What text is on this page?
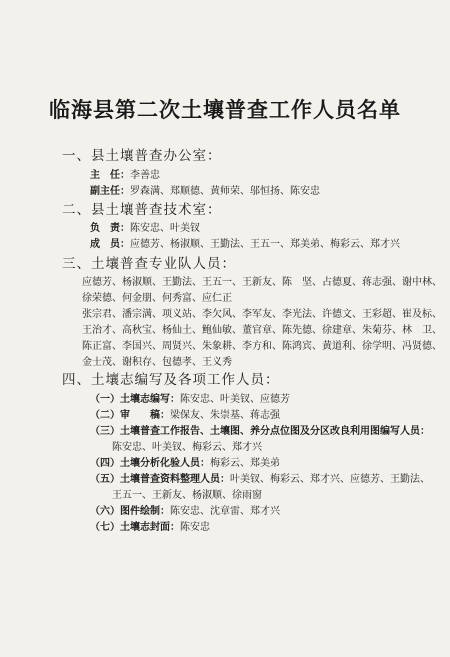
临海县第二次土壤普查工作人员名单
一、县土壤普查办公室：
主　任：李善忠
副主任：罗森满、郑顺德、黄师荣、邬恒扬、陈安忠
二、县土壤普查技术室：
负　责：陈安忠、叶美钗
成　员：应德芳、杨淑顺、王勤法、王五一、郑美弟、梅彩云、郑才兴
三、土壤普查专业队人员：
应德芳、杨淑顺、王勤法、王五一、王新友、陈　坚、占德夏、蒋志强、谢中林、
徐荣德、何金朋、何秀富、应仁正
张宗君、潘宗满、项义站、李欠风、李军友、李光法、许德文、王彩超、崔及标、
王治才、高秋宝、杨仙土、鲍仙敏、董官章、陈先德、徐建章、朱菊芬、林　卫、
陈正富、李国兴、周贤兴、朱象耕、李方和、陈鸿宾、黄道利、徐学明、冯贤德、
金士茂、谢积存、包德孝、王义秀
四、土壤志编写及各项工作人员：
（一）土壤志编写：陈安忠、叶美钗、应德芳
（二）审　　稿：梁保友、朱崇基、蒋志强
（三）土壤普查工作报告、土壤图、养分点位图及分区改良利用图编写人员：
陈安忠、叶美钗、梅彩云、郑才兴
（四）土壤分析化验人员：梅彩云、郑美弟
（五）土壤普查资料整理人员：叶美钗、梅彩云、郑才兴、应德芳、王勤法、
王五一、王新友、杨淑顺、徐雨窗
（六）图件绘制：陈安忠、沈章雷、郑才兴
（七）土壤志封面：陈安忠
